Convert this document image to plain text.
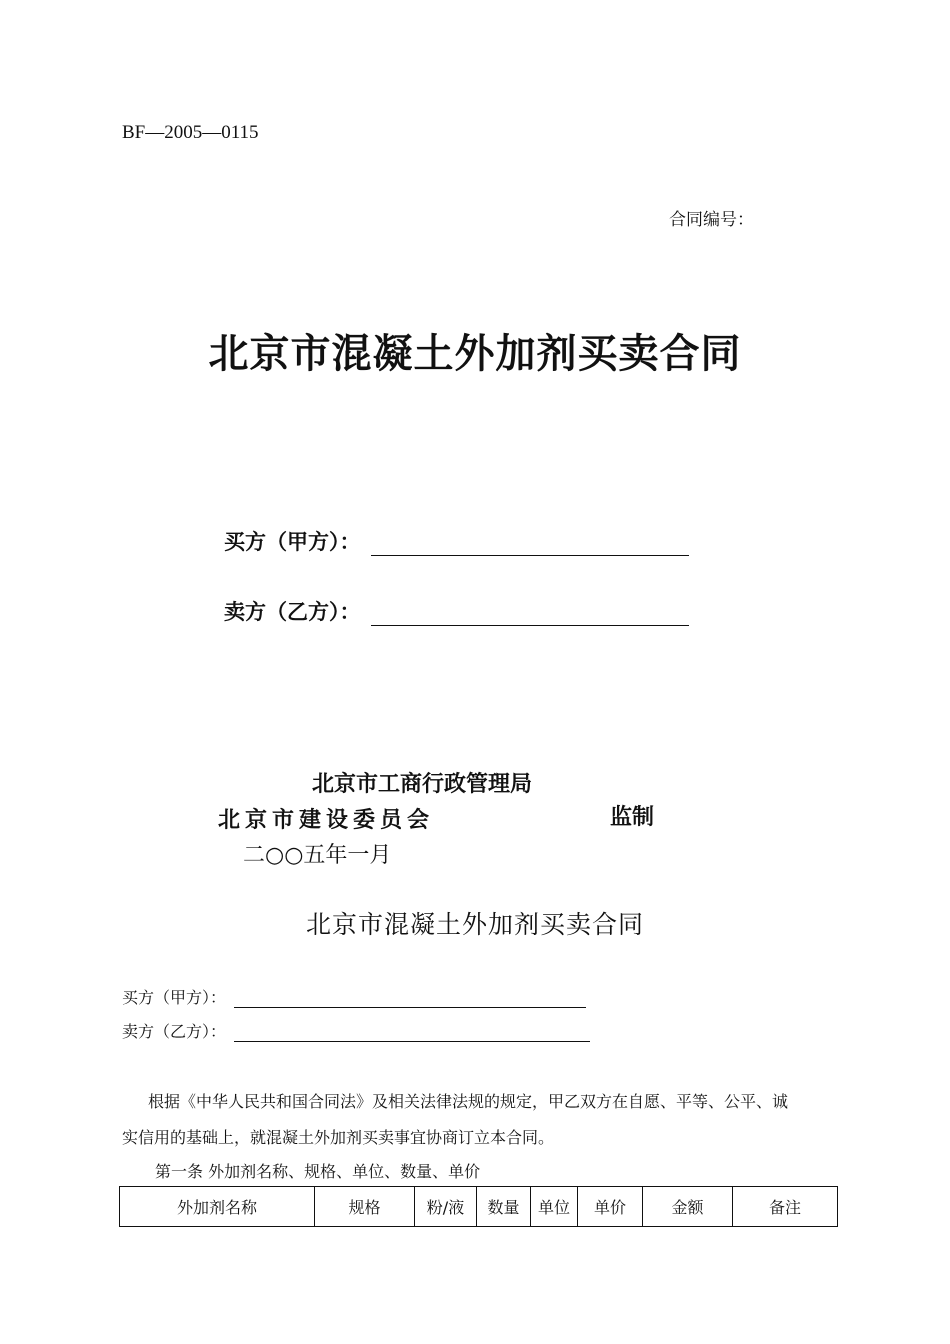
BF—2005—0115
合同编号：
北京市混凝土外加剂买卖合同
买方（甲方）：
卖方（乙方）：
北京市工商行政管理局
北京市建设委员会	监制
二○○五年一月
北京市混凝土外加剂买卖合同
买方（甲方）：
卖方（乙方）：
根据《中华人民共和国合同法》及相关法律法规的规定，甲乙双方在自愿、平等、公平、诚
实信用的基础上，就混凝土外加剂买卖事宜协商订立本合同。
第一条 外加剂名称、规格、单位、数量、单价
外加剂名称	规格	粉/液	数量	单位	单价	金额	备注
